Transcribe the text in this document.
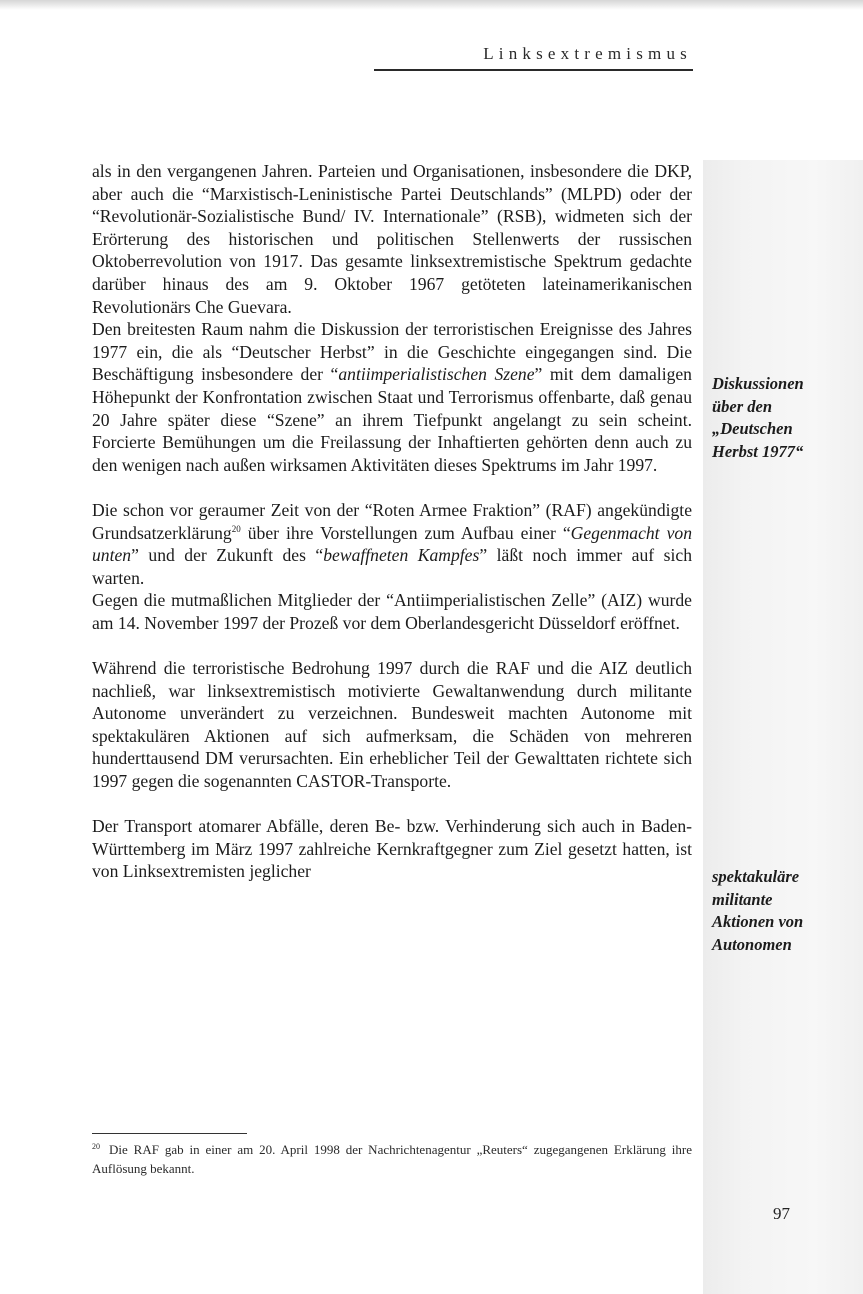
Linksextremismus

als in den vergangenen Jahren. Parteien und Organisationen, insbesondere die DKP, aber auch die “Marxistisch-Leninistische Partei Deutschlands” (MLPD) oder der “Revolutionär-Sozialistische Bund/ IV. Internationale” (RSB), widmeten sich der Erörterung des historischen und politischen Stellenwerts der russischen Oktoberrevolution von 1917. Das gesamte linksextremistische Spektrum gedachte darüber hinaus des am 9. Oktober 1967 getöteten lateinamerikanischen Revolutionärs Che Guevara.

Den breitesten Raum nahm die Diskussion der terroristischen Ereignisse des Jahres 1977 ein, die als “Deutscher Herbst” in die Geschichte eingegangen sind. Die Beschäftigung insbesondere der “antiimperialistischen Szene” mit dem damaligen Höhepunkt der Konfrontation zwischen Staat und Terrorismus offenbarte, daß genau 20 Jahre später diese “Szene” an ihrem Tiefpunkt angelangt zu sein scheint. Forcierte Bemühungen um die Freilassung der Inhaftierten gehörten denn auch zu den wenigen nach außen wirksamen Aktivitäten dieses Spektrums im Jahr 1997.

Die schon vor geraumer Zeit von der “Roten Armee Fraktion” (RAF) angekündigte Grundsatzerklärung$^{20}$ über ihre Vorstellungen zum Aufbau einer “Gegenmacht von unten” und der Zukunft des “bewaffneten Kampfes” läßt noch immer auf sich warten.

Gegen die mutmaßlichen Mitglieder der “Antiimperialistischen Zelle” (AIZ) wurde am 14. November 1997 der Prozeß vor dem Oberlandesgericht Düsseldorf eröffnet.

Während die terroristische Bedrohung 1997 durch die RAF und die AIZ deutlich nachließ, war linksextremistisch motivierte Gewaltanwendung durch militante Autonome unverändert zu verzeichnen. Bundesweit machten Autonome mit spektakulären Aktionen auf sich aufmerksam, die Schäden von mehreren hunderttausend DM verursachten. Ein erheblicher Teil der Gewalttaten richtete sich 1997 gegen die sogenannten CASTOR-Transporte.

Der Transport atomarer Abfälle, deren Be- bzw. Verhinderung sich auch in Baden-Württemberg im März 1997 zahlreiche Kernkraftgegner zum Ziel gesetzt hatten, ist von Linksextremisten jeglicher

Diskussionen
über den
„Deutschen
Herbst 1977“
spektakuläre
militante
Aktionen von
Autonomen
$^{20}$ Die RAF gab in einer am 20. April 1998 der Nachrichtenagentur „Reuters“ zugegangenen Erklärung ihre Auflösung bekannt.
97
